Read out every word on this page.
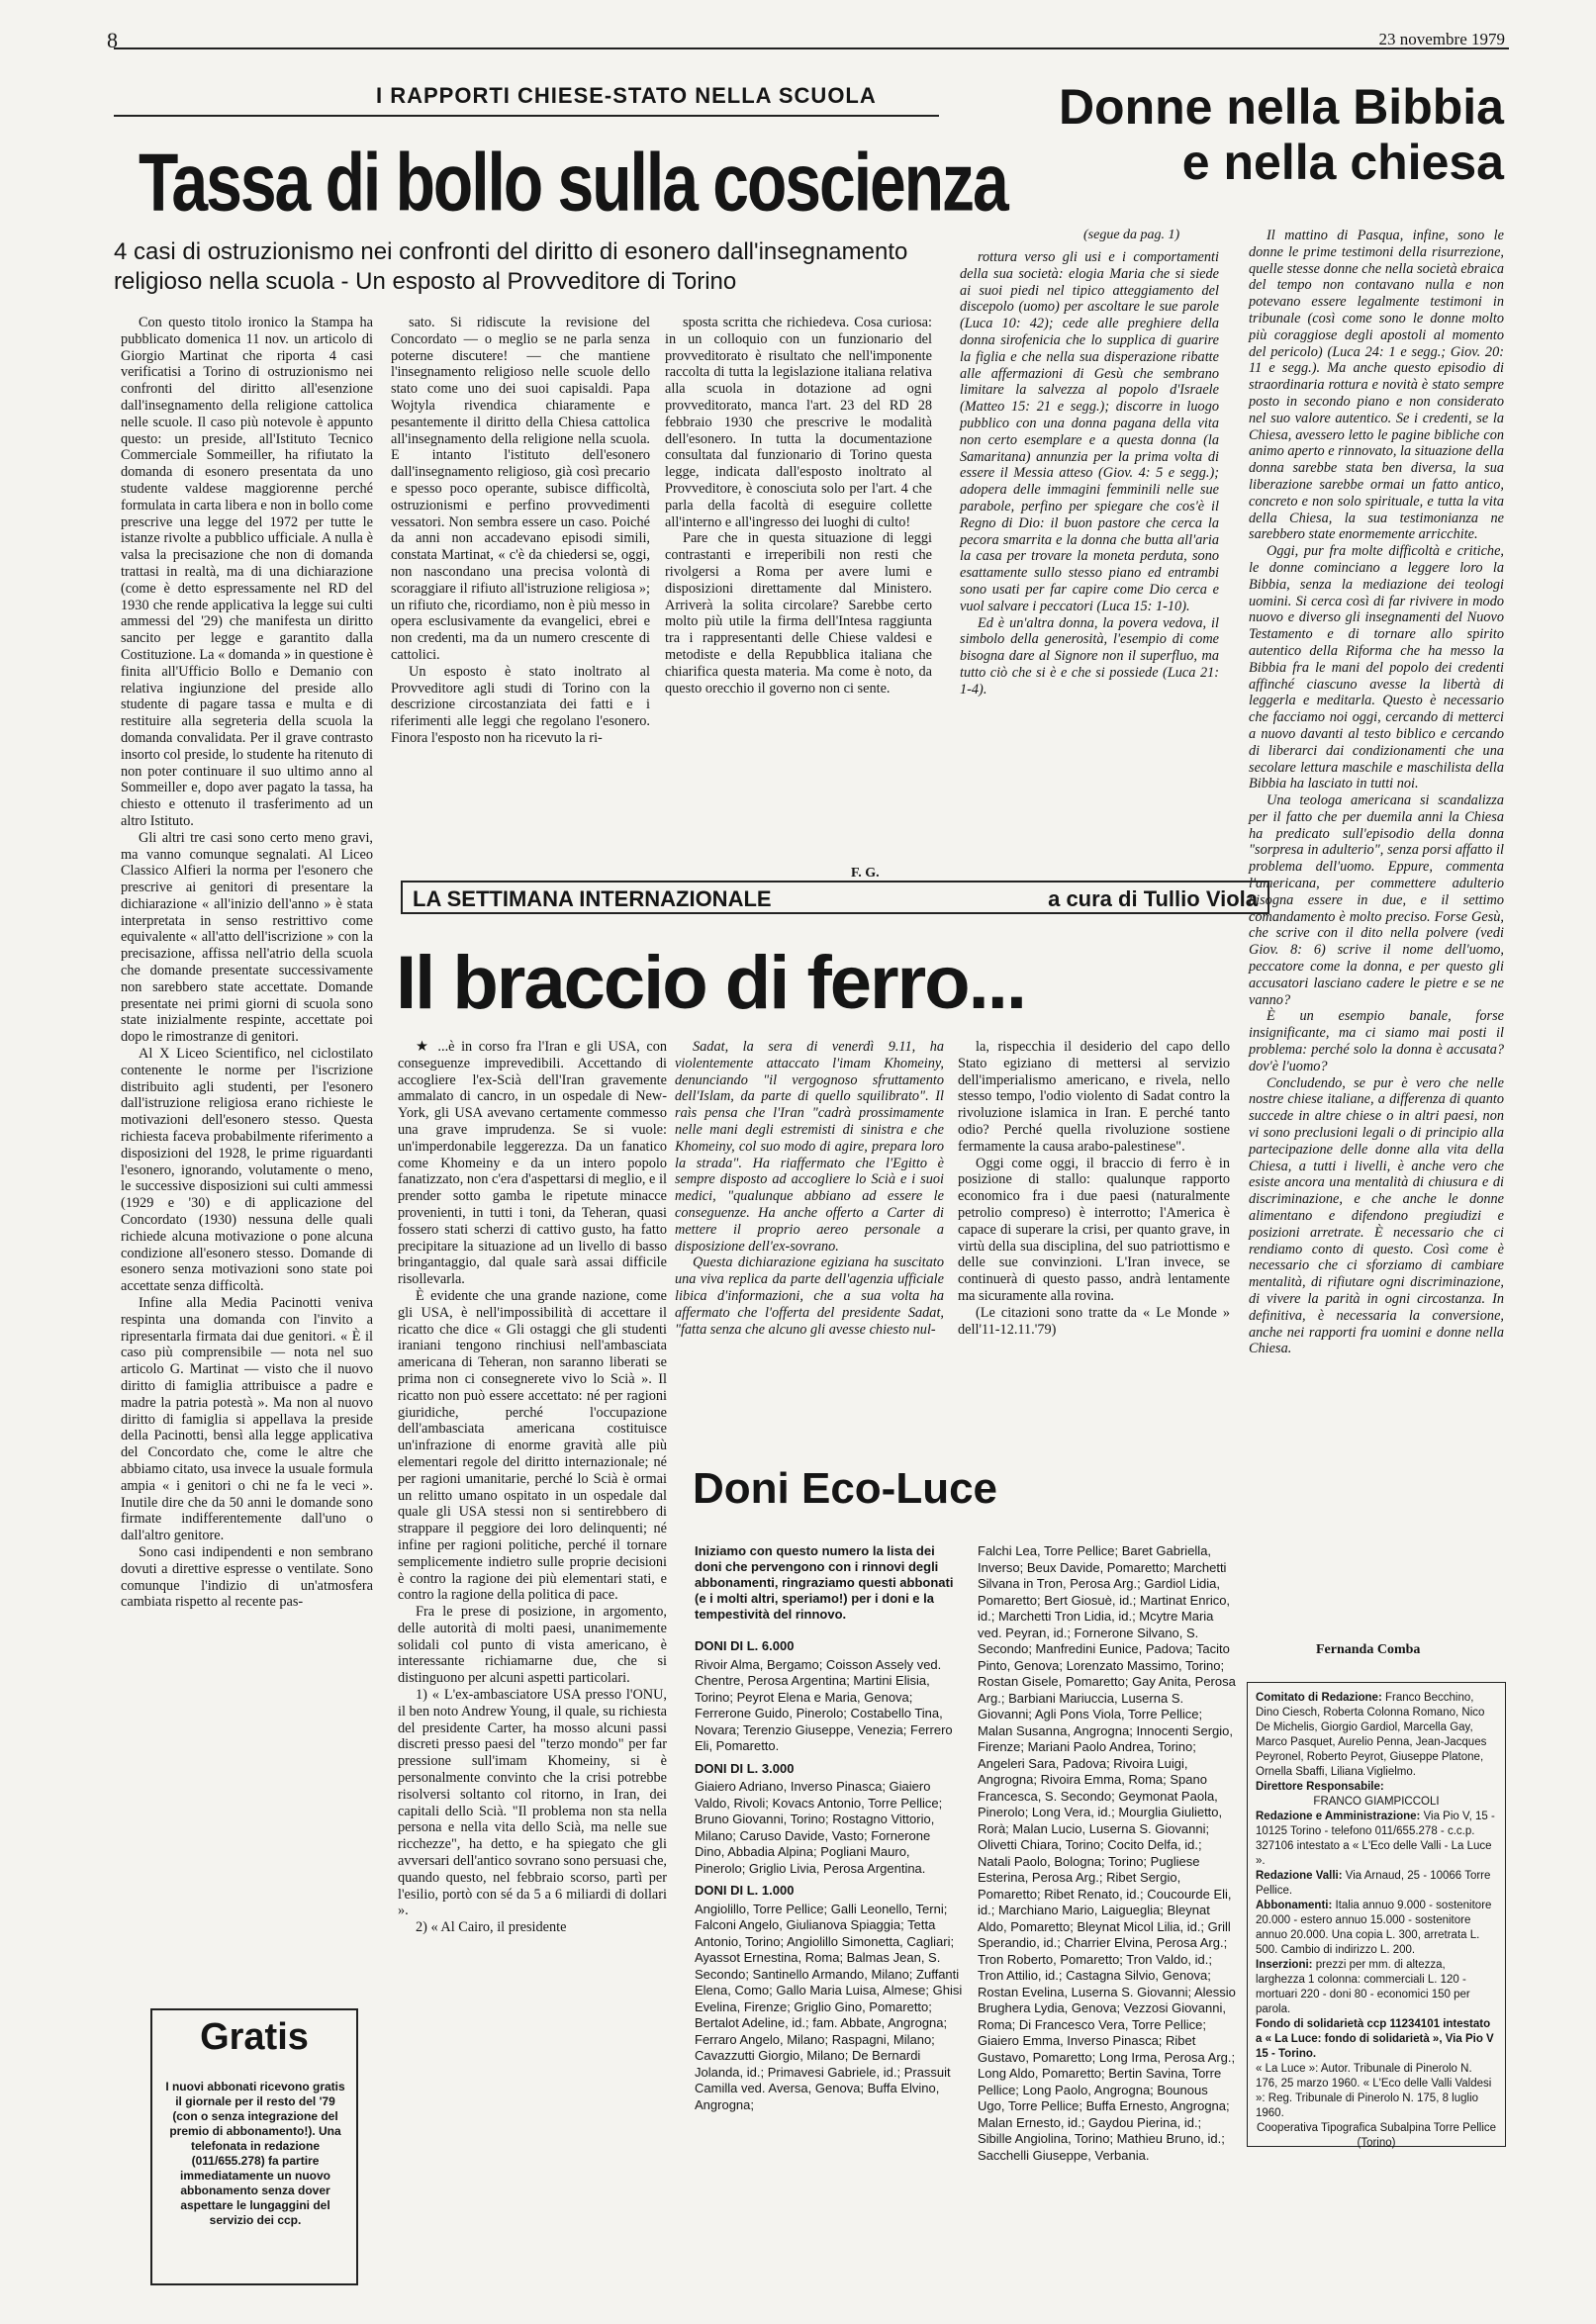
8	23 novembre 1979
I RAPPORTI CHIESE-STATO NELLA SCUOLA
Tassa di bollo sulla coscienza
4 casi di ostruzionismo nei confronti del diritto di esonero dall'insegnamento religioso nella scuola - Un esposto al Provveditore di Torino

Con questo titolo ironico la Stampa ha pubblicato domenica 11 nov. un articolo di Giorgio Martinat che riporta 4 casi verificatisi a Torino di ostruzionismo nei confronti del diritto all'esenzione dall'insegnamento della religione cattolica nelle scuole. Il caso più notevole è appunto questo: un preside, all'Istituto Tecnico Commerciale Sommeiller, ha rifiutato la domanda di esonero presentata da uno studente valdese maggiorenne perché formulata in carta libera e non in bollo come prescrive una legge del 1972 per tutte le istanze rivolte a pubblico ufficiale. A nulla è valsa la precisazione che non di domanda trattasi in realtà, ma di una dichiarazione (come è detto espressamente nel RD del 1930 che rende applicativa la legge sui culti ammessi del '29) che manifesta un diritto sancito per legge e garantito dalla Costituzione. La « domanda » in questione è finita all'Ufficio Bollo e Demanio con relativa ingiunzione del preside allo studente di pagare tassa e multa e di restituire alla segreteria della scuola la domanda convalidata. Per il grave contrasto insorto col preside, lo studente ha ritenuto di non poter continuare il suo ultimo anno al Sommeiller e, dopo aver pagato la tassa, ha chiesto e ottenuto il trasferimento ad un altro Istituto.

Gli altri tre casi sono certo meno gravi, ma vanno comunque segnalati. Al Liceo Classico Alfieri la norma per l'esonero che prescrive ai genitori di presentare la dichiarazione « all'inizio dell'anno » è stata interpretata in senso restrittivo come equivalente « all'atto dell'iscrizione » con la precisazione, affissa nell'atrio della scuola che domande presentate successivamente non sarebbero state accettate. Domande presentate nei primi giorni di scuola sono state inizialmente respinte, accettate poi dopo le rimostranze di genitori.

Al X Liceo Scientifico, nel ciclostilato contenente le norme per l'iscrizione distribuito agli studenti, per l'esonero dall'istruzione religiosa erano richieste le motivazioni dell'esonero stesso. Questa richiesta faceva probabilmente riferimento a disposizioni del 1928, le prime riguardanti l'esonero, ignorando, volutamente o meno, le successive disposizioni sui culti ammessi (1929 e '30) e di applicazione del Concordato (1930) nessuna delle quali richiede alcuna motivazione o pone alcuna condizione all'esonero stesso. Domande di esonero senza motivazioni sono state poi accettate senza difficoltà.

Infine alla Media Pacinotti veniva respinta una domanda con l'invito a ripresentarla firmata dai due genitori. « È il caso più comprensibile — nota nel suo articolo G. Martinat — visto che il nuovo diritto di famiglia attribuisce a padre e madre la patria potestà ». Ma non al nuovo diritto di famiglia si appellava la preside della Pacinotti, bensì alla legge applicativa del Concordato che, come le altre che abbiamo citato, usa invece la usuale formula ampia « i genitori o chi ne fa le veci ». Inutile dire che da 50 anni le domande sono firmate indifferentemente dall'uno o dall'altro genitore.

Sono casi indipendenti e non sembrano dovuti a direttive espresse o ventilate. Sono comunque l'indizio di un'atmosfera cambiata rispetto al recente pas-

sato. Si ridiscute la revisione del Concordato — o meglio se ne parla senza poterne discutere! — che mantiene l'insegnamento religioso nelle scuole dello stato come uno dei suoi capisaldi. Papa Wojtyla rivendica chiaramente e pesantemente il diritto della Chiesa cattolica all'insegnamento della religione nella scuola. E intanto l'istituto dell'esonero dall'insegnamento religioso, già così precario e spesso poco operante, subisce difficoltà, ostruzionismi e perfino provvedimenti vessatori. Non sembra essere un caso. Poiché da anni non accadevano episodi simili, constata Martinat, « c'è da chiedersi se, oggi, non nascondano una precisa volontà di scoraggiare il rifiuto all'istruzione religiosa »; un rifiuto che, ricordiamo, non è più messo in opera esclusivamente da evangelici, ebrei e non credenti, ma da un numero crescente di cattolici.

Un esposto è stato inoltrato al Provveditore agli studi di Torino con la descrizione circostanziata dei fatti e i riferimenti alle leggi che regolano l'esonero. Finora l'esposto non ha ricevuto la ri-

sposta scritta che richiedeva. Cosa curiosa: in un colloquio con un funzionario del provveditorato è risultato che nell'imponente raccolta di tutta la legislazione italiana relativa alla scuola in dotazione ad ogni provveditorato, manca l'art. 23 del RD 28 febbraio 1930 che prescrive le modalità dell'esonero. In tutta la documentazione consultata dal funzionario di Torino questa legge, indicata dall'esposto inoltrato al Provveditore, è conosciuta solo per l'art. 4 che parla della facoltà di eseguire collette all'interno e all'ingresso dei luoghi di culto!

Pare che in questa situazione di leggi contrastanti e irreperibili non resti che rivolgersi a Roma per avere lumi e disposizioni direttamente dal Ministero. Arriverà la solita circolare? Sarebbe certo molto più utile la firma dell'Intesa raggiunta tra i rappresentanti delle Chiese valdesi e metodiste e della Repubblica italiana che chiarifica questa materia. Ma come è noto, da questo orecchio il governo non ci sente.

F. G.
Donne nella Bibbia
e nella chiesa
(segue da pag. 1)

rottura verso gli usi e i comportamenti della sua società: elogia Maria che si siede ai suoi piedi nel tipico atteggiamento del discepolo (uomo) per ascoltare le sue parole (Luca 10: 42); cede alle preghiere della donna sirofenicia che lo supplica di guarire la figlia e che nella sua disperazione ribatte alle affermazioni di Gesù che sembrano limitare la salvezza al popolo d'Israele (Matteo 15: 21 e segg.); discorre in luogo pubblico con una donna pagana della vita non certo esemplare e a questa donna (la Samaritana) annunzia per la prima volta di essere il Messia atteso (Giov. 4: 5 e segg.); adopera delle immagini femminili nelle sue parabole, perfino per spiegare che cos'è il Regno di Dio: il buon pastore che cerca la pecora smarrita e la donna che butta all'aria la casa per trovare la moneta perduta, sono esattamente sullo stesso piano ed entrambi sono usati per far capire come Dio cerca e vuol salvare i peccatori (Luca 15: 1-10).

Ed è un'altra donna, la povera vedova, il simbolo della generosità, l'esempio di come bisogna dare al Signore non il superfluo, ma tutto ciò che si è e che si possiede (Luca 21: 1-4).

Il mattino di Pasqua, infine, sono le donne le prime testimoni della risurrezione, quelle stesse donne che nella società ebraica del tempo non contavano nulla e non potevano essere legalmente testimoni in tribunale (così come sono le donne molto più coraggiose degli apostoli al momento del pericolo) (Luca 24: 1 e segg.; Giov. 20: 11 e segg.). Ma anche questo episodio di straordinaria rottura e novità è stato sempre posto in secondo piano e non considerato nel suo valore autentico. Se i credenti, se la Chiesa, avessero letto le pagine bibliche con animo aperto e rinnovato, la situazione della donna sarebbe stata ben diversa, la sua liberazione sarebbe ormai un fatto antico, concreto e non solo spirituale, e tutta la vita della Chiesa, la sua testimonianza ne sarebbero state enormemente arricchite.

Oggi, pur fra molte difficoltà e critiche, le donne cominciano a leggere loro la Bibbia, senza la mediazione dei teologi uomini. Si cerca così di far rivivere in modo nuovo e diverso gli insegnamenti del Nuovo Testamento e di tornare allo spirito autentico della Riforma che ha messo la Bibbia fra le mani del popolo dei credenti affinché ciascuno avesse la libertà di leggerla e meditarla. Questo è necessario che facciamo noi oggi, cercando di metterci a nuovo davanti al testo biblico e cercando di liberarci dai condizionamenti che una secolare lettura maschile e maschilista della Bibbia ha lasciato in tutti noi.

Una teologa americana si scandalizza per il fatto che per duemila anni la Chiesa ha predicato sull'episodio della donna "sorpresa in adulterio", senza porsi affatto il problema dell'uomo. Eppure, commenta l'americana, per commettere adulterio bisogna essere in due, e il settimo comandamento è molto preciso. Forse Gesù, che scrive con il dito nella polvere (vedi Giov. 8: 6) scrive il nome dell'uomo, peccatore come la donna, e per questo gli accusatori lasciano cadere le pietre e se ne vanno?

È un esempio banale, forse insignificante, ma ci siamo mai posti il problema: perché solo la donna è accusata? dov'è l'uomo?

Concludendo, se pur è vero che nelle nostre chiese italiane, a differenza di quanto succede in altre chiese o in altri paesi, non vi sono preclusioni legali o di principio alla partecipazione delle donne alla vita della Chiesa, a tutti i livelli, è anche vero che esiste ancora una mentalità di chiusura e di discriminazione, e che anche le donne alimentano e difendono pregiudizi e posizioni arretrate. È necessario che ci rendiamo conto di questo. Così come è necessario che ci sforziamo di cambiare mentalità, di rifiutare ogni discriminazione, di vivere la parità in ogni circostanza. In definitiva, è necessaria la conversione, anche nei rapporti fra uomini e donne nella Chiesa.

Fernanda Comba
LA SETTIMANA INTERNAZIONALE	a cura di Tullio Viola
Il braccio di ferro...

★ ...è in corso fra l'Iran e gli USA, con conseguenze imprevedibili. Accettando di accogliere l'ex-Scià dell'Iran gravemente ammalato di cancro, in un ospedale di New-York, gli USA avevano certamente commesso una grave imprudenza. Se si vuole: un'imperdonabile leggerezza. Da un fanatico come Khomeiny e da un intero popolo fanatizzato, non c'era d'aspettarsi di meglio, e il prender sotto gamba le ripetute minacce provenienti, in tutti i toni, da Teheran, quasi fossero stati scherzi di cattivo gusto, ha fatto precipitare la situazione ad un livello di basso bringantaggio, dal quale sarà assai difficile risollevarla.

È evidente che una grande nazione, come gli USA, è nell'impossibilità di accettare il ricatto che dice « Gli ostaggi che gli studenti iraniani tengono rinchiusi nell'ambasciata americana di Teheran, non saranno liberati se prima non ci consegnerete vivo lo Scià ». Il ricatto non può essere accettato: né per ragioni giuridiche, perché l'occupazione dell'ambasciata americana costituisce un'infrazione di enorme gravità alle più elementari regole del diritto internazionale; né per ragioni umanitarie, perché lo Scià è ormai un relitto umano ospitato in un ospedale dal quale gli USA stessi non si sentirebbero di strappare il peggiore dei loro delinquenti; né infine per ragioni politiche, perché il tornare semplicemente indietro sulle proprie decisioni è contro la ragione dei più elementari stati, e contro la ragione della politica di pace.

Fra le prese di posizione, in argomento, delle autorità di molti paesi, unanimemente solidali col punto di vista americano, è interessante richiamarne due, che si distinguono per alcuni aspetti particolari.

1) « L'ex-ambasciatore USA presso l'ONU, il ben noto Andrew Young, il quale, su richiesta del presidente Carter, ha mosso alcuni passi discreti presso paesi del "terzo mondo" per far pressione sull'imam Khomeiny, si è personalmente convinto che la crisi potrebbe risolversi soltanto col ritorno, in Iran, dei capitali dello Scià. "Il problema non sta nella persona e nella vita dello Scià, ma nelle sue ricchezze", ha detto, e ha spiegato che gli avversari dell'antico sovrano sono persuasi che, quando questo, nel febbraio scorso, partì per l'esilio, portò con sé da 5 a 6 miliardi di dollari ».

2) « Al Cairo, il presidente

Sadat, la sera di venerdì 9.11, ha violentemente attaccato l'imam Khomeiny, denunciando "il vergognoso sfruttamento dell'Islam, da parte di quello squilibrato". Il raìs pensa che l'Iran "cadrà prossimamente nelle mani degli estremisti di sinistra e che Khomeiny, col suo modo di agire, prepara loro la strada". Ha riaffermato che l'Egitto è sempre disposto ad accogliere lo Scià e i suoi medici, "qualunque abbiano ad essere le conseguenze. Ha anche offerto a Carter di mettere il proprio aereo personale a disposizione dell'ex-sovrano.

Questa dichiarazione egiziana ha suscitato una viva replica da parte dell'agenzia ufficiale libica d'informazioni, che a sua volta ha affermato che l'offerta del presidente Sadat, "fatta senza che alcuno gli avesse chiesto nul-

la, rispecchia il desiderio del capo dello Stato egiziano di mettersi al servizio dell'imperialismo americano, e rivela, nello stesso tempo, l'odio violento di Sadat contro la rivoluzione islamica in Iran. E perché tanto odio? Perché quella rivoluzione sostiene fermamente la causa arabo-palestinese".

Oggi come oggi, il braccio di ferro è in posizione di stallo: qualunque rapporto economico fra i due paesi (naturalmente petrolio compreso) è interrotto; l'America è capace di superare la crisi, per quanto grave, in virtù della sua disciplina, del suo patriottismo e delle sue convinzioni. L'Iran invece, se continuerà di questo passo, andrà lentamente ma sicuramente alla rovina.

(Le citazioni sono tratte da « Le Monde » dell'11-12.11.'79)

Doni Eco-Luce
Iniziamo con questo numero la lista dei doni che pervengono con i rinnovi degli abbonamenti, ringraziamo questi abbonati (e i molti altri, speriamo!) per i doni e la tempestività del rinnovo.
DONI DI L. 6.000
Rivoir Alma, Bergamo; Coisson Assely ved. Chentre, Perosa Argentina; Martini Elisia, Torino; Peyrot Elena e Maria, Genova; Ferrerone Guido, Pinerolo; Costabello Tina, Novara; Terenzio Giuseppe, Venezia; Ferrero Eli, Pomaretto.
DONI DI L. 3.000
Giaiero Adriano, Inverso Pinasca; Giaiero Valdo, Rivoli; Kovacs Antonio, Torre Pellice; Bruno Giovanni, Torino; Rostagno Vittorio, Milano; Caruso Davide, Vasto; Fornerone Dino, Abbadia Alpina; Pogliani Mauro, Pinerolo; Griglio Livia, Perosa Argentina.
DONI DI L. 1.000
Angiolillo, Torre Pellice; Galli Leonello, Terni; Falconi Angelo, Giulianova Spiaggia; Tetta Antonio, Torino; Angiolillo Simonetta, Cagliari; Ayassot Ernestina, Roma; Balmas Jean, S. Secondo; Santinello Armando, Milano; Zuffanti Elena, Como; Gallo Maria Luisa, Almese; Ghisi Evelina, Firenze; Griglio Gino, Pomaretto; Bertalot Adeline, id.; fam. Abbate, Angrogna; Ferraro Angelo, Milano; Raspagni, Milano; Cavazzutti Giorgio, Milano; De Bernardi Jolanda, id.; Primavesi Gabriele, id.; Prassuit Camilla ved. Aversa, Genova; Buffa Elvino, Angrogna;
Falchi Lea, Torre Pellice; Baret Gabriella, Inverso; Beux Davide, Pomaretto; Marchetti Silvana in Tron, Perosa Arg.; Gardiol Lidia, Pomaretto; Bert Giosuè, id.; Martinat Enrico, id.; Marchetti Tron Lidia, id.; Mcytre Maria ved. Peyran, id.; Fornerone Silvano, S. Secondo; Manfredini Eunice, Padova; Tacito Pinto, Genova; Lorenzato Massimo, Torino; Rostan Gisele, Pomaretto; Gay Anita, Perosa Arg.; Barbiani Mariuccia, Luserna S. Giovanni; Agli Pons Viola, Torre Pellice; Malan Susanna, Angrogna; Innocenti Sergio, Firenze; Mariani Paolo Andrea, Torino; Angeleri Sara, Padova; Rivoira Luigi, Angrogna; Rivoira Emma, Roma; Spano Francesca, S. Secondo; Geymonat Paola, Pinerolo; Long Vera, id.; Mourglia Giulietto, Rorà; Malan Lucio, Luserna S. Giovanni; Olivetti Chiara, Torino; Cocito Delfa, id.; Natali Paolo, Bologna; Torino; Pugliese Esterina, Perosa Arg.; Ribet Sergio, Pomaretto; Ribet Renato, id.; Coucourde Eli, id.; Marchiano Mario, Laigueglia; Bleynat Aldo, Pomaretto; Bleynat Micol Lilia, id.; Grill Sperandio, id.; Charrier Elvina, Perosa Arg.; Tron Roberto, Pomaretto; Tron Valdo, id.; Tron Attilio, id.; Castagna Silvio, Genova; Rostan Evelina, Luserna S. Giovanni; Alessio Brughera Lydia, Genova; Vezzosi Giovanni, Roma; Di Francesco Vera, Torre Pellice; Giaiero Emma, Inverso Pinasca; Ribet Gustavo, Pomaretto; Long Irma, Perosa Arg.; Long Aldo, Pomaretto; Bertin Savina, Torre Pellice; Long Paolo, Angrogna; Bounous Ugo, Torre Pellice; Buffa Ernesto, Angrogna; Malan Ernesto, id.; Gaydou Pierina, id.; Sibille Angiolina, Torino; Mathieu Bruno, id.; Sacchelli Giuseppe, Verbania.
Gratis
I nuovi abbonati ricevono gratis il giornale per il resto del '79 (con o senza integrazione del premio di abbonamento!). Una telefonata in redazione (011/655.278) fa partire immediatamente un nuovo abbonamento senza dover aspettare le lungaggini del servizio dei ccp.
Comitato di Redazione: Franco Becchino, Dino Ciesch, Roberta Colonna Romano, Nico De Michelis, Giorgio Gardiol, Marcella Gay, Marco Pasquet, Aurelio Penna, Jean-Jacques Peyronel, Roberto Peyrot, Giuseppe Platone, Ornella Sbaffi, Liliana Viglielmo.
Direttore Responsabile:
FRANCO GIAMPICCOLI
Redazione e Amministrazione: Via Pio V, 15 - 10125 Torino - telefono 011/655.278 - c.c.p. 327106 intestato a « L'Eco delle Valli - La Luce ».
Redazione Valli: Via Arnaud, 25 - 10066 Torre Pellice.
Abbonamenti: Italia annuo 9.000 - sostenitore 20.000 - estero annuo 15.000 - sostenitore annuo 20.000. Una copia L. 300, arretrata L. 500. Cambio di indirizzo L. 200.
Inserzioni: prezzi per mm. di altezza, larghezza 1 colonna: commerciali L. 120 - mortuari 220 - doni 80 - economici 150 per parola.
Fondo di solidarietà ccp 11234101 intestato a « La Luce: fondo di solidarietà », Via Pio V 15 - Torino.
« La Luce »: Autor. Tribunale di Pinerolo N. 176, 25 marzo 1960. « L'Eco delle Valli Valdesi »: Reg. Tribunale di Pinerolo N. 175, 8 luglio 1960.
Cooperativa Tipografica Subalpina Torre Pellice (Torino)
